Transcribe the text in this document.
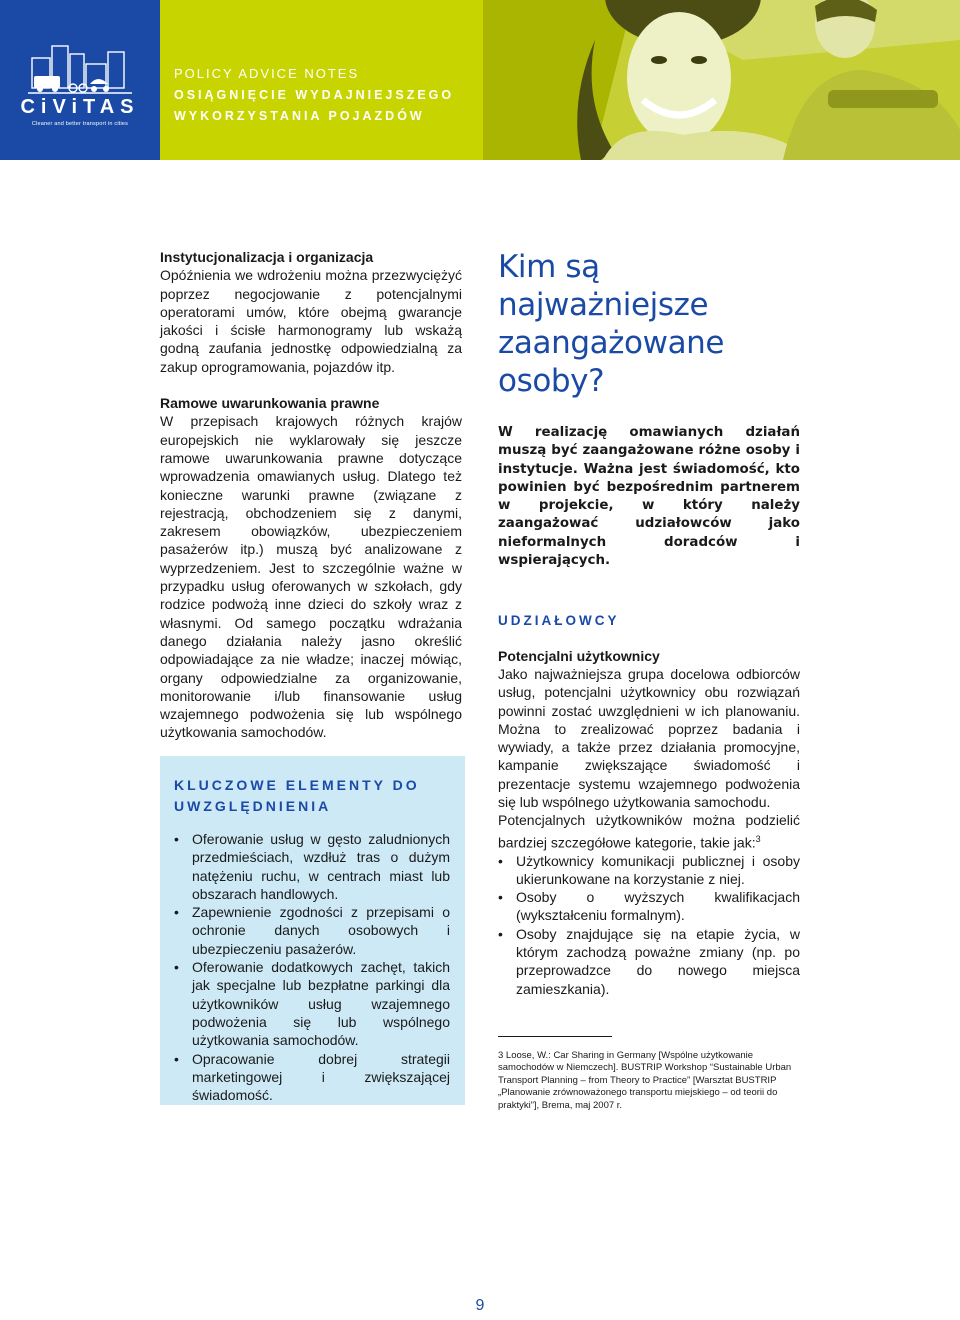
CiViTAS
Cleaner and better transport in cities
POLICY ADVICE NOTES
OSIĄGNIĘCIE WYDAJNIEJSZEGO
WYKORZYSTANIA POJAZDÓW

Instytucjonalizacja i organizacja

Opóźnienia we wdrożeniu można przezwyciężyć poprzez negocjowanie z potencjalnymi operatorami umów, które obejmą gwarancje jakości i ścisłe harmonogramy lub wskażą godną zaufania jednostkę odpowiedzialną za zakup oprogramowania, pojazdów itp.

Ramowe uwarunkowania prawne

W przepisach krajowych różnych krajów europejskich nie wyklarowały się jeszcze ramowe uwarunkowania prawne dotyczące wprowadzenia omawianych usług. Dlatego też konieczne warunki prawne (związane z rejestracją, obchodzeniem się z danymi, zakresem obowiązków, ubezpieczeniem pasażerów itp.) muszą być analizowane z wyprzedzeniem. Jest to szczególnie ważne w przypadku usług oferowanych w szkołach, gdy rodzice podwożą inne dzieci do szkoły wraz z własnymi. Od samego początku wdrażania danego działania należy jasno określić odpowiadające za nie władze; inaczej mówiąc, organy odpowiedzialne za organizowanie, monitorowanie i/lub finansowanie usług wzajemnego podwożenia się lub wspólnego użytkowania samochodów.

KLUCZOWE ELEMENTY DO UWZGLĘDNIENIA
• Oferowanie usług w gęsto zaludnionych przedmieściach, wzdłuż tras o dużym natężeniu ruchu, w centrach miast lub obszarach handlowych.
• Zapewnienie zgodności z przepisami o ochronie danych osobowych i ubezpieczeniu pasażerów.
• Oferowanie dodatkowych zachęt, takich jak specjalne lub bezpłatne parkingi dla użytkowników usług wzajemnego podwożenia się lub wspólnego użytkowania samochodów.
• Opracowanie dobrej strategii marketingowej i zwiększającej świadomość.
Kim są najważniejsze zaangażowane osoby?

W realizację omawianych działań muszą być zaangażowane różne osoby i instytucje. Ważna jest świadomość, kto powinien być bezpośrednim partnerem w projekcie, w który należy zaangażować udziałowców jako nieformalnych doradców i wspierających.

UDZIAŁOWCY

Potencjalni użytkownicy

Jako najważniejsza grupa docelowa odbiorców usług, potencjalni użytkownicy obu rozwiązań powinni zostać uwzględnieni w ich planowaniu. Można to zrealizować poprzez badania i wywiady, a także przez działania promocyjne, kampanie zwiększające świadomość i prezentacje systemu wzajemnego podwożenia się lub wspólnego użytkowania samochodu.

Potencjalnych użytkowników można podzielić bardziej szczegółowe kategorie, takie jak:$^3$

• Użytkownicy komunikacji publicznej i osoby ukierunkowane na korzystanie z niej.
• Osoby o wyższych kwalifikacjach (wykształceniu formalnym).
• Osoby znajdujące się na etapie życia, w którym zachodzą poważne zmiany (np. po przeprowadzce do nowego miejsca zamieszkania).

3 Loose, W.: Car Sharing in Germany [Wspólne użytkowanie samochodów w Niemczech]. BUSTRIP Workshop “Sustainable Urban Transport Planning – from Theory to Practice” [Warsztat BUSTRIP „Planowanie zrównoważonego transportu miejskiego – od teorii do praktyki”], Brema, maj 2007 r.

9
